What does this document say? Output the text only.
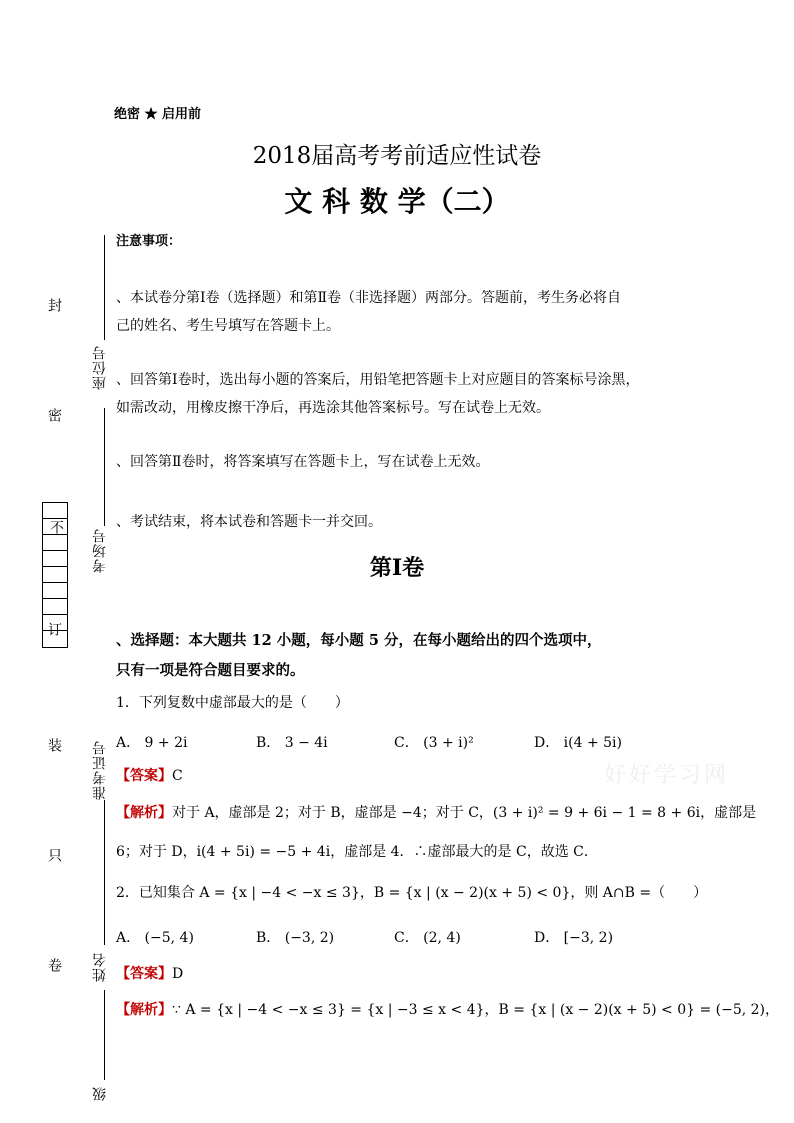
封
密
不
订
装
只
卷
座位号
考场号
准考证号
姓名
级
绝密 ★ 启用前
2018届高考考前适应性试卷
文 科 数 学（二）
注意事项：
、本试卷分第Ⅰ卷（选择题）和第Ⅱ卷（非选择题）两部分。答题前，考生务必将自
己的姓名、考生号填写在答题卡上。
、回答第Ⅰ卷时，选出每小题的答案后，用铅笔把答题卡上对应题目的答案标号涂黑，
如需改动，用橡皮擦干净后，再选涂其他答案标号。写在试卷上无效。
、回答第Ⅱ卷时，将答案填写在答题卡上，写在试卷上无效。
、考试结束，将本试卷和答题卡一并交回。
第Ⅰ卷
、选择题：本大题共 12 小题，每小题 5 分，在每小题给出的四个选项中，
只有一项是符合题目要求的。
1．下列复数中虚部最大的是（　　）
A． 9 + 2i	B． 3 − 4i	C． (3 + i)²	D． i(4 + 5i)
【答案】C
【解析】对于 A，虚部是 2；对于 B，虚部是 −4；对于 C，(3 + i)² = 9 + 6i − 1 = 8 + 6i，虚部是
6；对于 D，i(4 + 5i) = −5 + 4i，虚部是 4．∴虚部最大的是 C，故选 C．
2．已知集合 A = {x | −4 < −x ≤ 3}，B = {x | (x − 2)(x + 5) < 0}，则 A∩B =（　　）
A． (−5, 4)	B． (−3, 2)	C． (2, 4)	D． [−3, 2)
【答案】D
【解析】∵ A = {x | −4 < −x ≤ 3} = {x | −3 ≤ x < 4}，B = {x | (x − 2)(x + 5) < 0} = (−5, 2)，
好好学习网
